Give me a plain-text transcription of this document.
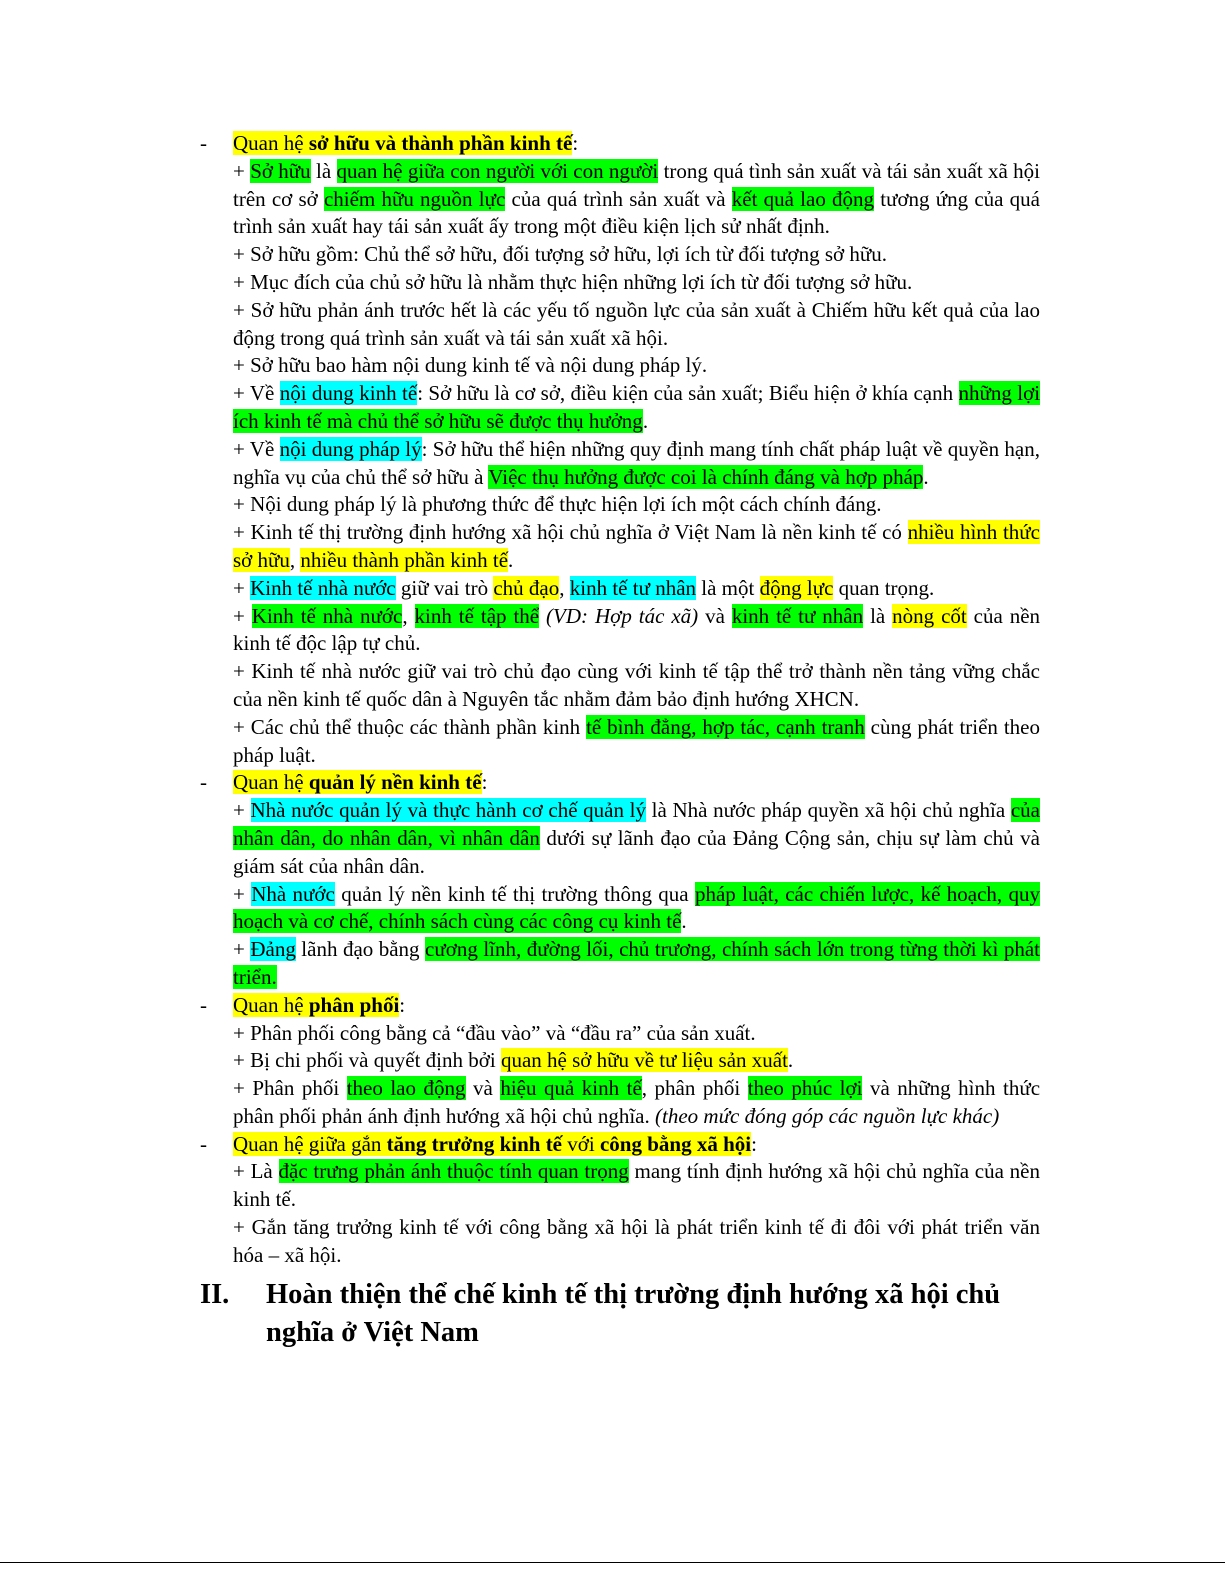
- Quan hệ sở hữu và thành phần kinh tế:
+ Sở hữu là quan hệ giữa con người với con người trong quá tình sản xuất và tái sản xuất xã hội trên cơ sở chiếm hữu nguồn lực của quá trình sản xuất và kết quả lao động tương ứng của quá trình sản xuất hay tái sản xuất ấy trong một điều kiện lịch sử nhất định.
+ Sở hữu gồm: Chủ thể sở hữu, đối tượng sở hữu, lợi ích từ đối tượng sở hữu.
+ Mục đích của chủ sở hữu là nhằm thực hiện những lợi ích từ đối tượng sở hữu.
+ Sở hữu phản ánh trước hết là các yếu tố nguồn lực của sản xuất à Chiếm hữu kết quả của lao động trong quá trình sản xuất và tái sản xuất xã hội.
+ Sở hữu bao hàm nội dung kinh tế và nội dung pháp lý.
+ Về nội dung kinh tế: Sở hữu là cơ sở, điều kiện của sản xuất; Biểu hiện ở khía cạnh những lợi ích kinh tế mà chủ thể sở hữu sẽ được thụ hưởng.
+ Về nội dung pháp lý: Sở hữu thể hiện những quy định mang tính chất pháp luật về quyền hạn, nghĩa vụ của chủ thể sở hữu à Việc thụ hưởng được coi là chính đáng và hợp pháp.
+ Nội dung pháp lý là phương thức để thực hiện lợi ích một cách chính đáng.
+ Kinh tế thị trường định hướng xã hội chủ nghĩa ở Việt Nam là nền kinh tế có nhiều hình thức sở hữu, nhiều thành phần kinh tế.
+ Kinh tế nhà nước giữ vai trò chủ đạo, kinh tế tư nhân là một động lực quan trọng.
+ Kinh tế nhà nước, kinh tế tập thể (VD: Hợp tác xã) và kinh tế tư nhân là nòng cốt của nền kinh tế độc lập tự chủ.
+ Kinh tế nhà nước giữ vai trò chủ đạo cùng với kinh tế tập thể trở thành nền tảng vững chắc của nền kinh tế quốc dân à Nguyên tắc nhằm đảm bảo định hướng XHCN.
+ Các chủ thể thuộc các thành phần kinh tế bình đẳng, hợp tác, cạnh tranh cùng phát triển theo pháp luật.
- Quan hệ quản lý nền kinh tế:
+ Nhà nước quản lý và thực hành cơ chế quản lý là Nhà nước pháp quyền xã hội chủ nghĩa của nhân dân, do nhân dân, vì nhân dân dưới sự lãnh đạo của Đảng Cộng sản, chịu sự làm chủ và giám sát của nhân dân.
+ Nhà nước quản lý nền kinh tế thị trường thông qua pháp luật, các chiến lược, kế hoạch, quy hoạch và cơ chế, chính sách cùng các công cụ kinh tế.
+ Đảng lãnh đạo bằng cương lĩnh, đường lối, chủ trương, chính sách lớn trong từng thời kì phát triển.
- Quan hệ phân phối:
+ Phân phối công bằng cả “đầu vào” và “đầu ra” của sản xuất.
+ Bị chi phối và quyết định bởi quan hệ sở hữu về tư liệu sản xuất.
+ Phân phối theo lao động và hiệu quả kinh tế, phân phối theo phúc lợi và những hình thức phân phối phản ánh định hướng xã hội chủ nghĩa. (theo mức đóng góp các nguồn lực khác)
- Quan hệ giữa gắn tăng trưởng kinh tế với công bằng xã hội:
+ Là đặc trưng phản ánh thuộc tính quan trọng mang tính định hướng xã hội chủ nghĩa của nền kinh tế.
+ Gắn tăng trưởng kinh tế với công bằng xã hội là phát triển kinh tế đi đôi với phát triển văn hóa – xã hội.
II. Hoàn thiện thể chế kinh tế thị trường định hướng xã hội chủ nghĩa ở Việt Nam
